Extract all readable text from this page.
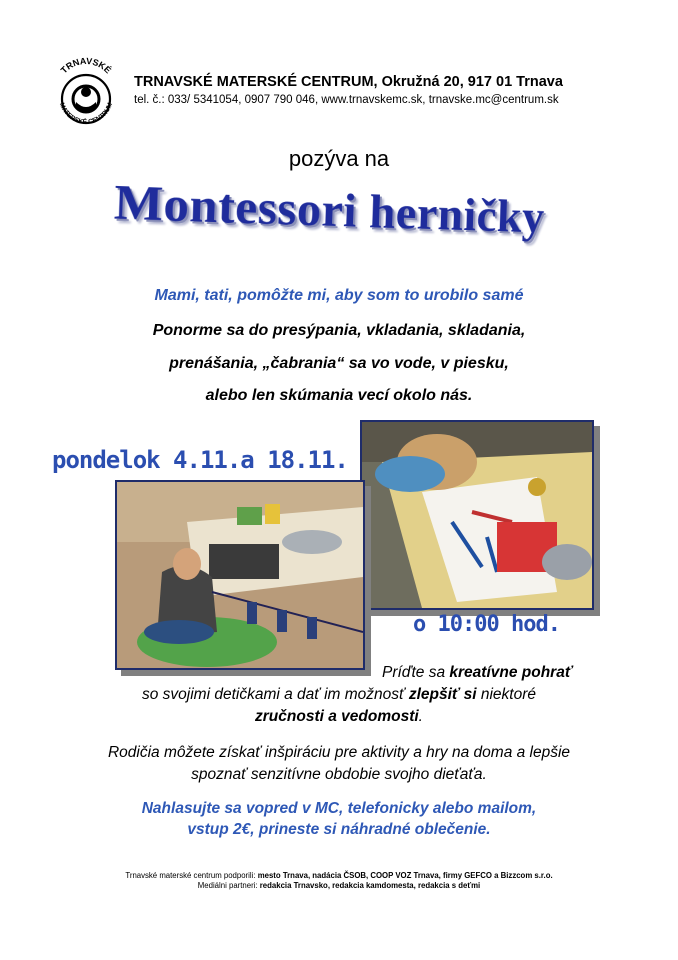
TRNAVSKÉ
MATERSKÉ CENTRUM
TRNAVSKÉ MATERSKÉ CENTRUM, Okružná 20, 917 01 Trnava
tel. č.: 033/ 5341054, 0907 790 046, www.trnavskemc.sk, trnavske.mc@centrum.sk
pozýva na
Montessori herničky
Mami, tati, pomôžte mi, aby som to urobilo samé
Ponorme sa do presýpania, vkladania, skladania,
prenášania, „čabrania“ sa vo vode, v piesku,
alebo len skúmania vecí okolo nás.
pondelok 4.11.a 18.11.
o 10:00 hod.
Príďte sa kreatívne pohrať
so svojimi detičkami a dať im možnosť zlepšiť si niektoré
zručnosti a vedomosti.
Rodičia môžete získať inšpiráciu pre aktivity a hry na doma a lepšie
spoznať senzitívne obdobie svojho dieťaťa.
Nahlasujte sa vopred v MC, telefonicky alebo mailom,
vstup 2€, prineste si náhradné oblečenie.
Trnavské materské centrum podporili: mesto Trnava, nadácia ČSOB, COOP VOZ Trnava, firmy GEFCO a Bizzcom s.r.o.
Mediálni partneri: redakcia Trnavsko, redakcia kamdomesta, redakcia s deťmi
